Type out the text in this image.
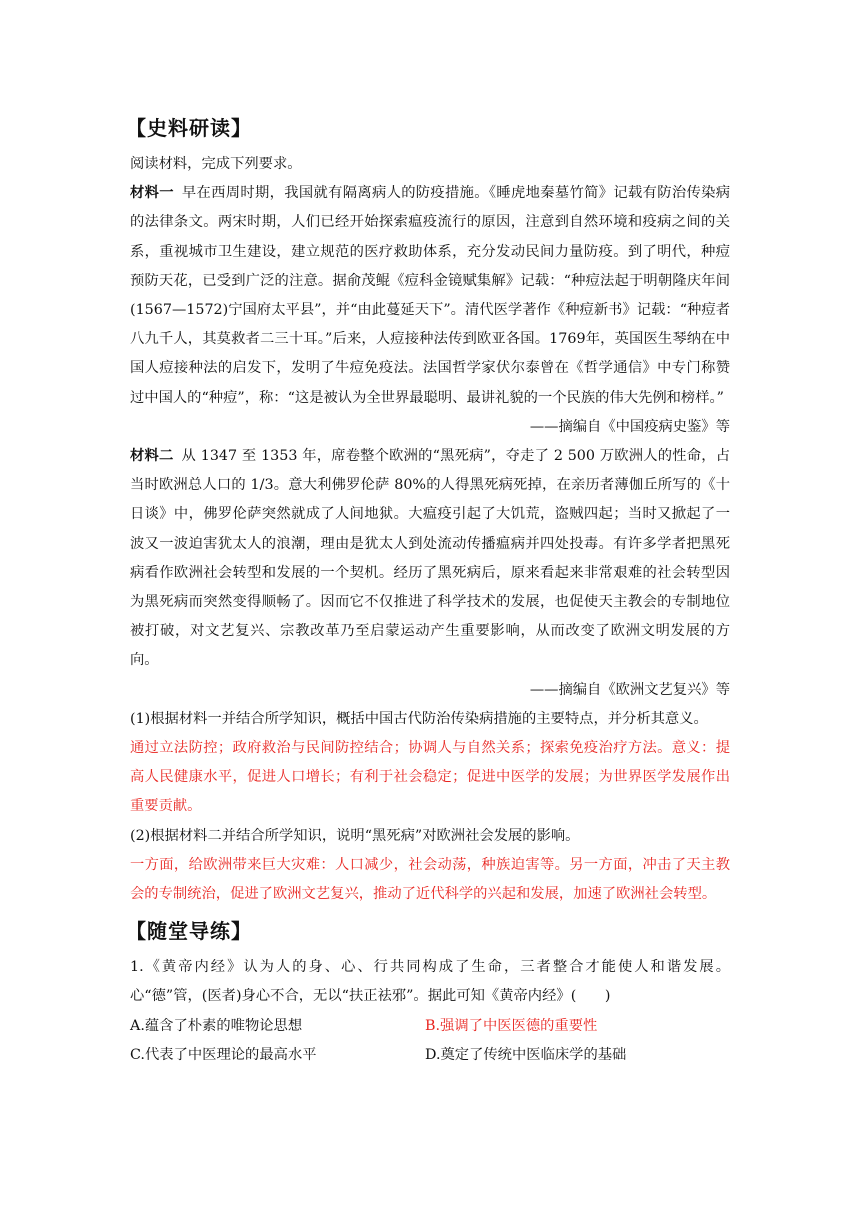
【史料研读】
阅读材料，完成下列要求。
材料一 早在西周时期，我国就有隔离病人的防疫措施。《睡虎地秦墓竹简》记载有防治传染病的法律条文。两宋时期，人们已经开始探索瘟疫流行的原因，注意到自然环境和疫病之间的关系，重视城市卫生建设，建立规范的医疗救助体系，充分发动民间力量防疫。到了明代，种痘预防天花，已受到广泛的注意。据俞茂鲲《痘科金镜赋集解》记载：“种痘法起于明朝隆庆年间(1567—1572)宁国府太平县”，并“由此蔓延天下”。清代医学著作《种痘新书》记载：“种痘者八九千人，其莫救者二三十耳。”后来，人痘接种法传到欧亚各国。1769年，英国医生琴纳在中国人痘接种法的启发下，发明了牛痘免疫法。法国哲学家伏尔泰曾在《哲学通信》中专门称赞过中国人的“种痘”，称：“这是被认为全世界最聪明、最讲礼貌的一个民族的伟大先例和榜样。”
——摘编自《中国疫病史鉴》等
材料二 从 1347 至 1353 年，席卷整个欧洲的“黑死病”，夺走了 2 500 万欧洲人的性命，占当时欧洲总人口的 1/3。意大利佛罗伦萨 80%的人得黑死病死掉，在亲历者薄伽丘所写的《十日谈》中，佛罗伦萨突然就成了人间地狱。大瘟疫引起了大饥荒，盗贼四起；当时又掀起了一波又一波迫害犹太人的浪潮，理由是犹太人到处流动传播瘟病并四处投毒。有许多学者把黑死病看作欧洲社会转型和发展的一个契机。经历了黑死病后，原来看起来非常艰难的社会转型因为黑死病而突然变得顺畅了。因而它不仅推进了科学技术的发展，也促使天主教会的专制地位被打破，对文艺复兴、宗教改革乃至启蒙运动产生重要影响，从而改变了欧洲文明发展的方向。
——摘编自《欧洲文艺复兴》等
(1)根据材料一并结合所学知识，概括中国古代防治传染病措施的主要特点，并分析其意义。
通过立法防控；政府救治与民间防控结合；协调人与自然关系；探索免疫治疗方法。意义：提高人民健康水平，促进人口增长；有利于社会稳定；促进中医学的发展；为世界医学发展作出重要贡献。
(2)根据材料二并结合所学知识，说明“黑死病”对欧洲社会发展的影响。
一方面，给欧洲带来巨大灾难：人口减少，社会动荡，种族迫害等。另一方面，冲击了天主教会的专制统治，促进了欧洲文艺复兴，推动了近代科学的兴起和发展，加速了欧洲社会转型。
【随堂导练】
1.《黄帝内经》认为人的身、心、行共同构成了生命，三者整合才能使人和谐发展。心“德”管，(医者)身心不合，无以“扶正祛邪”。据此可知《黄帝内经》(　　)
A.蕴含了朴素的唯物论思想	B.强调了中医医德的重要性
C.代表了中医理论的最高水平	D.奠定了传统中医临床学的基础
